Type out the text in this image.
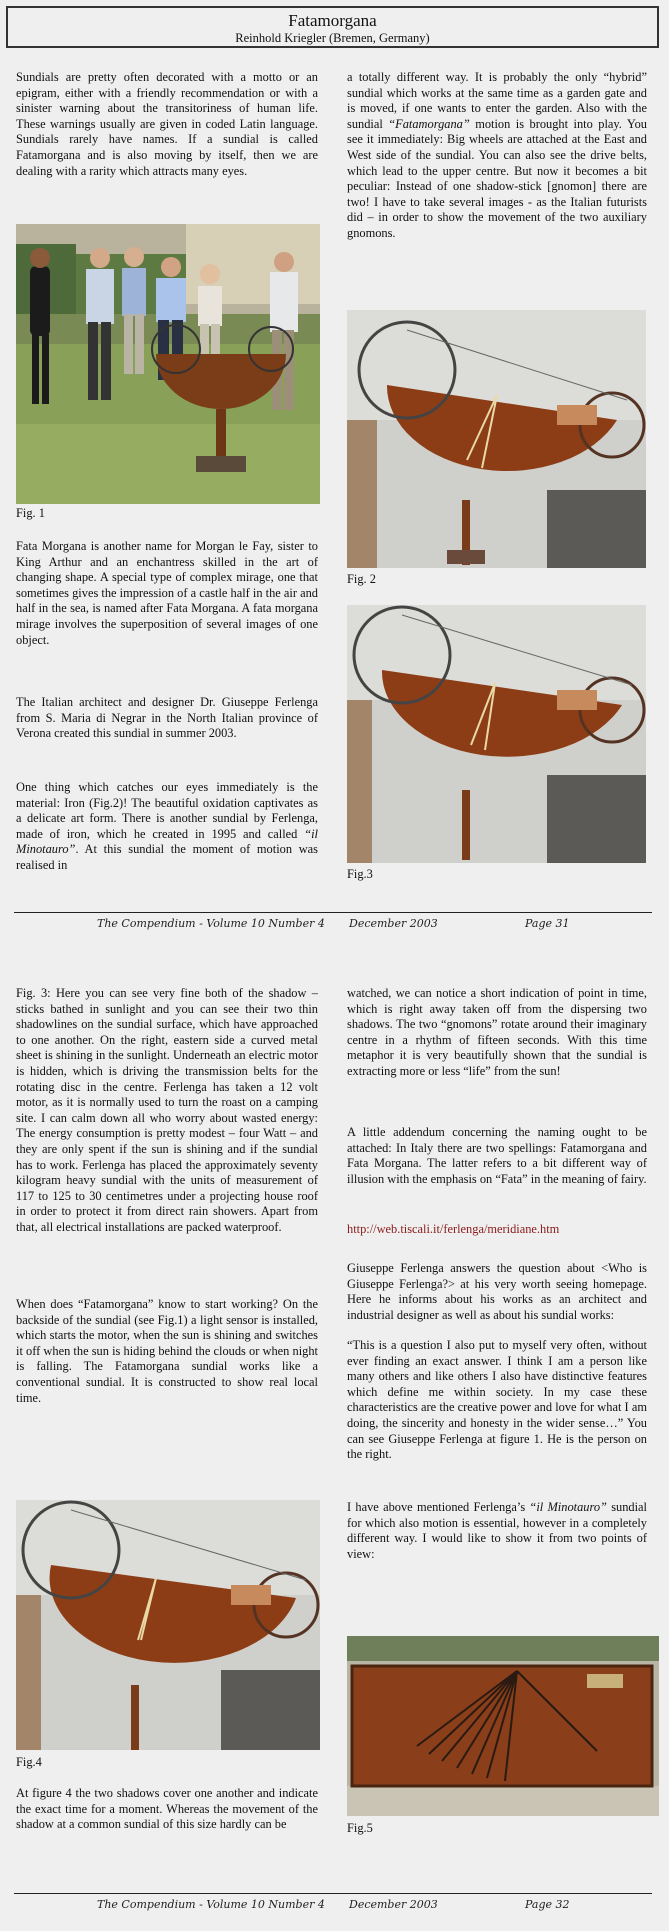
Fatamorgana
Reinhold Kriegler (Bremen, Germany)

Sundials are pretty often decorated with a motto or an epigram, either with a friendly recommendation or with a sinister warning about the transitoriness of human life. These warnings usually are given in coded Latin language. Sundials rarely have names. If a sundial is called Fatamorgana and is also moving by itself, then we are dealing with a rarity which attracts many eyes.

Fig. 1

Fata Morgana is another name for Morgan le Fay, sister to King Arthur and an enchantress skilled in the art of changing shape. A special type of complex mirage, one that sometimes gives the impression of a castle half in the air and half in the sea, is named after Fata Morgana. A fata morgana mirage involves the superposition of several images of one object.

The Italian architect and designer Dr. Giuseppe Ferlenga from S. Maria di Negrar in the North Italian province of Verona created this sundial in summer 2003.

One thing which catches our eyes immediately is the material: Iron (Fig.2)! The beautiful oxidation captivates as a delicate art form. There is another sundial by Ferlenga, made of iron, which he created in 1995 and called “il Minotauro”. At this sundial the moment of motion was realised in

a totally different way. It is probably the only “hybrid” sundial which works at the same time as a garden gate and is moved, if one wants to enter the garden. Also with the sundial “Fatamorgana” motion is brought into play. You see it immediately: Big wheels are attached at the East and West side of the sundial. You can also see the drive belts, which lead to the upper centre. But now it becomes a bit peculiar: Instead of one shadow-stick [gnomon] there are two! I have to take several images - as the Italian futurists did – in order to show the movement of the two auxiliary gnomons.

Fig. 2
Fig.3
The Compendium - Volume 10 Number 4 December 2003	Page 31

Fig. 3: Here you can see very fine both of the shadow – sticks bathed in sunlight and you can see their two thin shadowlines on the sundial surface, which have approached to one another. On the right, eastern side a curved metal sheet is shining in the sunlight. Underneath an electric motor is hidden, which is driving the transmission belts for the rotating disc in the centre. Ferlenga has taken a 12 volt motor, as it is normally used to turn the roast on a camping site. I can calm down all who worry about wasted energy: The energy consumption is pretty modest – four Watt – and they are only spent if the sun is shining and if the sundial has to work. Ferlenga has placed the approximately seventy kilogram heavy sundial with the units of measurement of 117 to 125 to 30 centimetres under a projecting house roof in order to protect it from direct rain showers. Apart from that, all electrical installations are packed waterproof.

When does “Fatamorgana” know to start working? On the backside of the sundial (see Fig.1) a light sensor is installed, which starts the motor, when the sun is shining and switches it off when the sun is hiding behind the clouds or when night is falling. The Fatamorgana sundial works like a conventional sundial. It is constructed to show real local time.

Fig.4

At figure 4 the two shadows cover one another and indicate the exact time for a moment. Whereas the movement of the shadow at a common sundial of this size hardly can be

watched, we can notice a short indication of point in time, which is right away taken off from the dispersing two shadows. The two “gnomons” rotate around their imaginary centre in a rhythm of fifteen seconds. With this time metaphor it is very beautifully shown that the sundial is extracting more or less “life” from the sun!

A little addendum concerning the naming ought to be attached: In Italy there are two spellings: Fatamorgana and Fata Morgana. The latter refers to a bit different way of illusion with the emphasis on “Fata” in the meaning of fairy.

http://web.tiscali.it/ferlenga/meridiane.htm

Giuseppe Ferlenga answers the question about <Who is Giuseppe Ferlenga?> at his very worth seeing homepage. Here he informs about his works as an architect and industrial designer as well as about his sundial works:

“This is a question I also put to myself very often, without ever finding an exact answer. I think I am a person like many others and like others I also have distinctive features which define me within society. In my case these characteristics are the creative power and love for what I am doing, the sincerity and honesty in the wider sense…” You can see Giuseppe Ferlenga at figure 1. He is the person on the right.

I have above mentioned Ferlenga’s “il Minotauro” sundial for which also motion is essential, however in a completely different way. I would like to show it from two points of view:

Fig.5
The Compendium - Volume 10 Number 4 December 2003	Page 32
